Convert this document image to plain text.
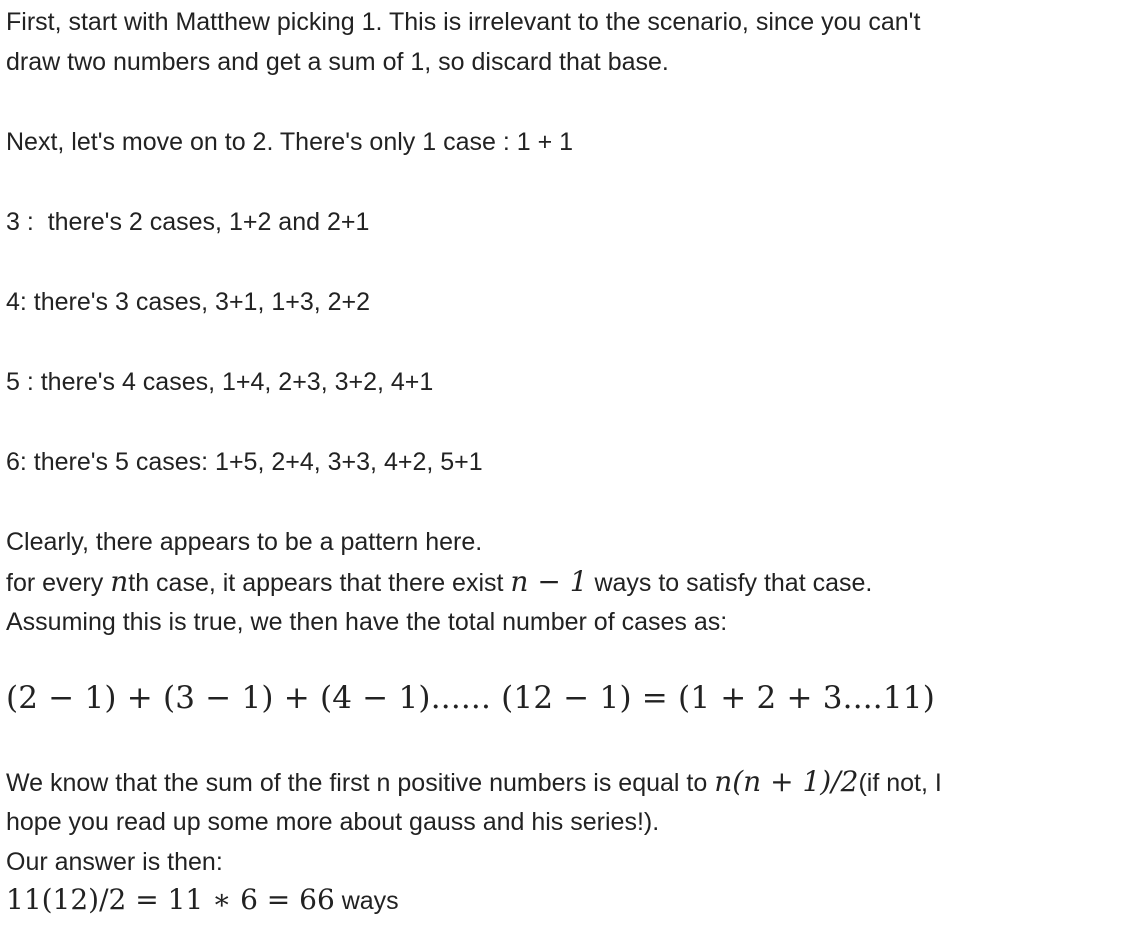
First, start with Matthew picking 1. This is irrelevant to the scenario, since you can't
draw two numbers and get a sum of 1, so discard that base.
Next, let's move on to 2. There's only 1 case : 1 + 1
3 : there's 2 cases, 1+2 and 2+1
4: there's 3 cases, 3+1, 1+3, 2+2
5 : there's 4 cases, 1+4, 2+3, 3+2, 4+1
6: there's 5 cases: 1+5, 2+4, 3+3, 4+2, 5+1
Clearly, there appears to be a pattern here.
for every nth case, it appears that there exist n − 1 ways to satisfy that case.
Assuming this is true, we then have the total number of cases as:
(2 − 1) + (3 − 1) + (4 − 1)...... (12 − 1) = (1 + 2 + 3....11)
We know that the sum of the first n positive numbers is equal to n(n + 1)/2(if not, I
hope you read up some more about gauss and his series!).
Our answer is then:
11(12)/2 = 11 ∗ 6 = 66 ways
